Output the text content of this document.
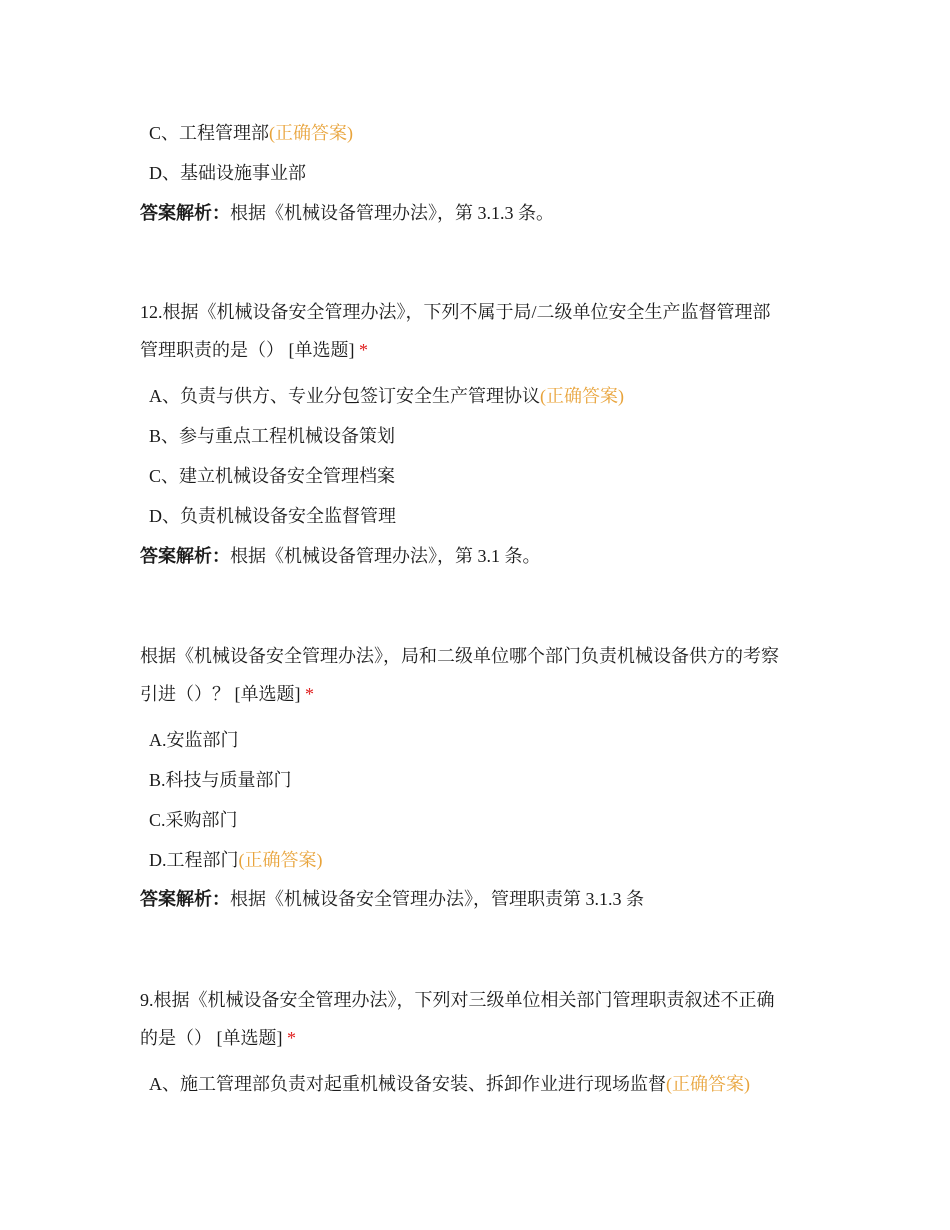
C、工程管理部(正确答案)
D、基础设施事业部
答案解析：根据《机械设备管理办法》，第 3.1.3 条。
12.根据《机械设备安全管理办法》，下列不属于局/二级单位安全生产监督管理部
管理职责的是（） [单选题] *
A、负责与供方、专业分包签订安全生产管理协议(正确答案)
B、参与重点工程机械设备策划
C、建立机械设备安全管理档案
D、负责机械设备安全监督管理
答案解析：根据《机械设备管理办法》，第 3.1 条。
根据《机械设备安全管理办法》，局和二级单位哪个部门负责机械设备供方的考察
引进（）？ [单选题] *
A.安监部门
B.科技与质量部门
C.采购部门
D.工程部门(正确答案)
答案解析：根据《机械设备安全管理办法》，管理职责第 3.1.3 条
9.根据《机械设备安全管理办法》，下列对三级单位相关部门管理职责叙述不正确
的是（） [单选题] *
A、施工管理部负责对起重机械设备安装、拆卸作业进行现场监督(正确答案)
